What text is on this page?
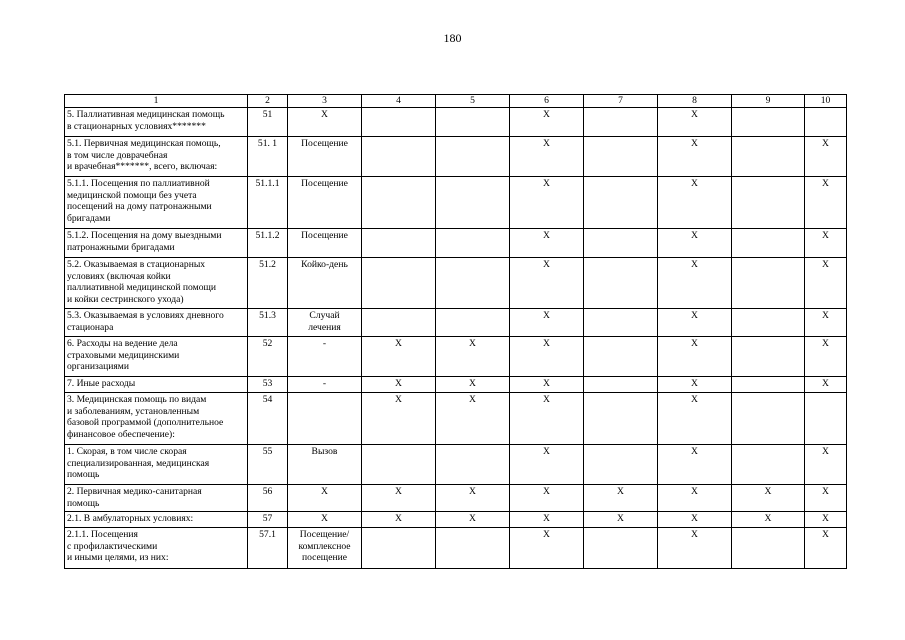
180
1	2	3	4	5	6	7	8	9	10
5. Паллиативная медицинская помощь
в стационарных условиях*******	51	X			X		X		
5.1. Первичная медицинская помощь,
в том числе доврачебная
и врачебная*******, всего, включая:	51. 1	Посещение			X		X		X
5.1.1. Посещения по паллиативной
медицинской помощи без учета
посещений на дому патронажными
бригадами	51.1.1	Посещение			X		X		X
5.1.2. Посещения на дому выездными
патронажными бригадами	51.1.2	Посещение			X		X		X
5.2. Оказываемая в стационарных
условиях (включая койки
паллиативной медицинской помощи
и койки сестринского ухода)	51.2	Койко-день			X		X		X
5.3. Оказываемая в условиях дневного
стационара	51.3	Случай
лечения			X		X		X
6. Расходы на ведение дела
страховыми медицинскими
организациями	52	-	X	X	X		X		X
7. Иные расходы	53	-	X	X	X		X		X
3. Медицинская помощь по видам
и заболеваниям, установленным
базовой программой (дополнительное
финансовое обеспечение):	54		X	X	X		X		
1. Скорая, в том числе скорая
специализированная, медицинская
помощь	55	Вызов			X		X		X
2. Первичная медико-санитарная
помощь	56	X	X	X	X	X	X	X	X
2.1. В амбулаторных условиях:	57	X	X	X	X	X	X	X	X
2.1.1. Посещения
с профилактическими
и иными целями, из них:	57.1	Посещение/
комплексное
посещение			X		X		X
